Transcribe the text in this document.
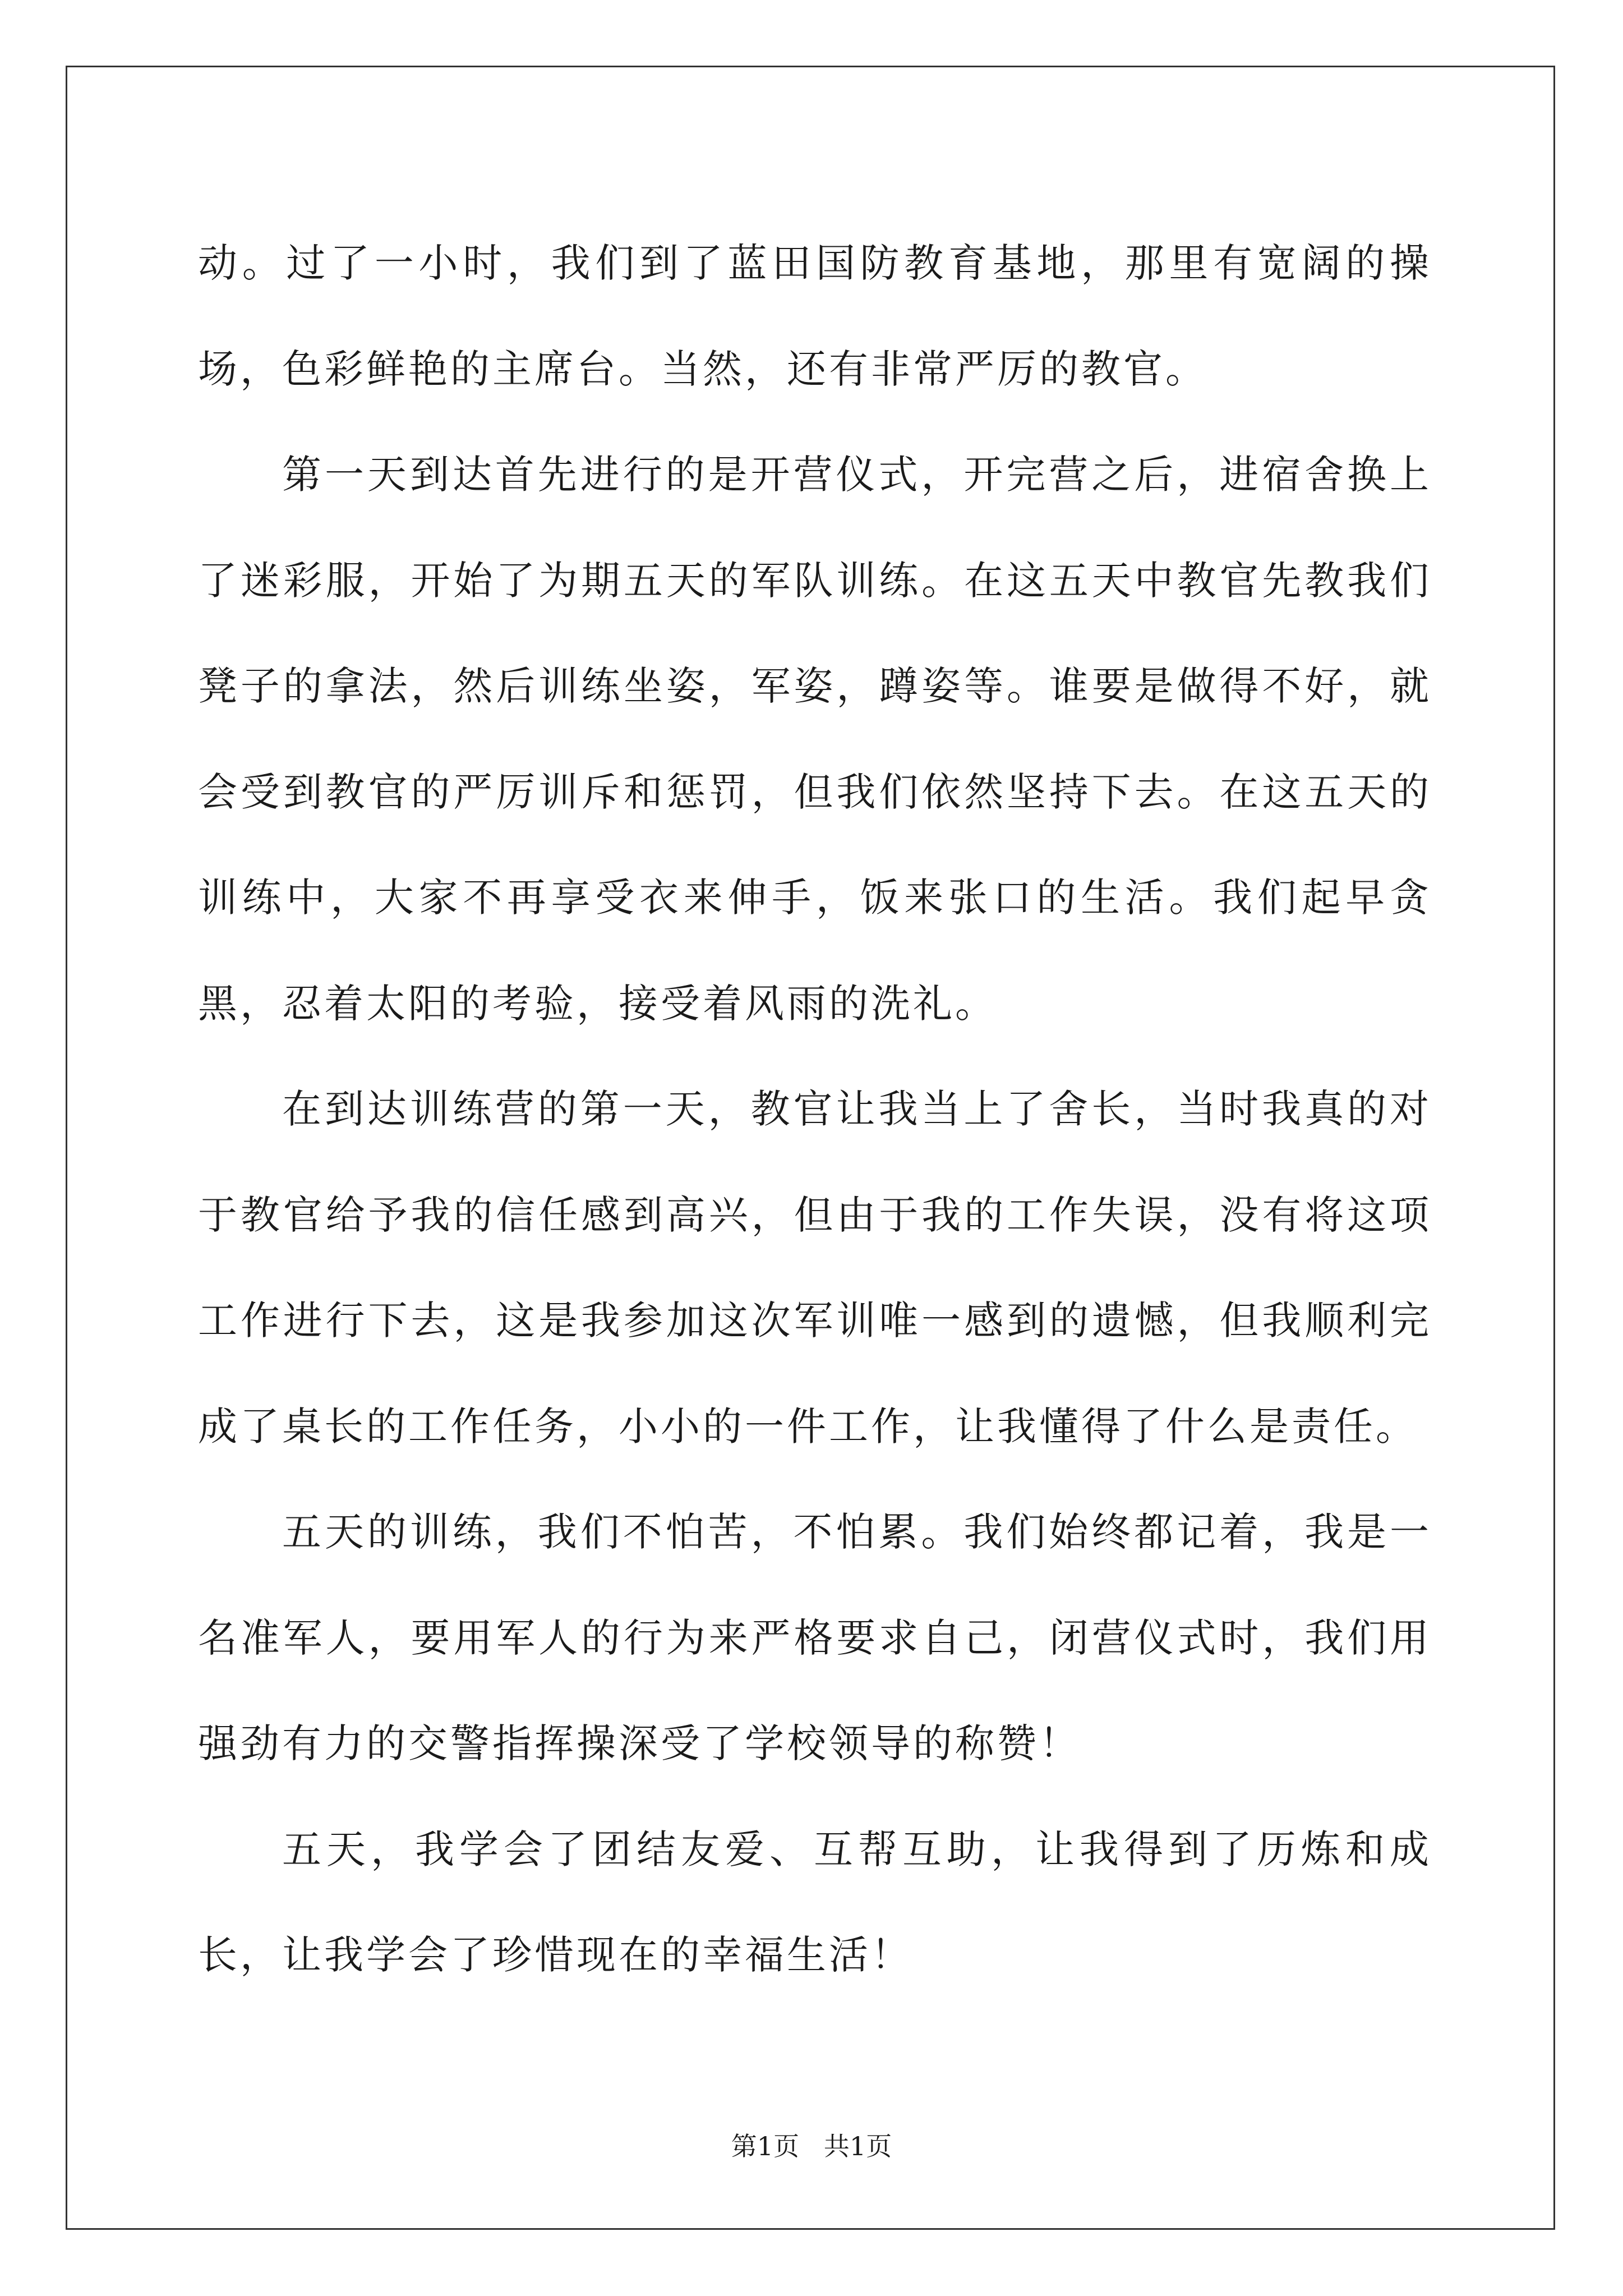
动。过了一小时，我们到了蓝田国防教育基地，那里有宽阔的操场，色彩鲜艳的主席台。当然，还有非常严厉的教官。

第一天到达首先进行的是开营仪式，开完营之后，进宿舍换上了迷彩服，开始了为期五天的军队训练。在这五天中教官先教我们凳子的拿法，然后训练坐姿，军姿，蹲姿等。谁要是做得不好，就会受到教官的严厉训斥和惩罚，但我们依然坚持下去。在这五天的训练中，大家不再享受衣来伸手，饭来张口的生活。我们起早贪黑，忍着太阳的考验，接受着风雨的洗礼。

在到达训练营的第一天，教官让我当上了舍长，当时我真的对于教官给予我的信任感到高兴，但由于我的工作失误，没有将这项工作进行下去，这是我参加这次军训唯一感到的遗憾，但我顺利完成了桌长的工作任务，小小的一件工作，让我懂得了什么是责任。

五天的训练，我们不怕苦，不怕累。我们始终都记着，我是一名准军人，要用军人的行为来严格要求自己，闭营仪式时，我们用强劲有力的交警指挥操深受了学校领导的称赞！

五天，我学会了团结友爱、互帮互助，让我得到了历炼和成长，让我学会了珍惜现在的幸福生活！

第1页   共1页
